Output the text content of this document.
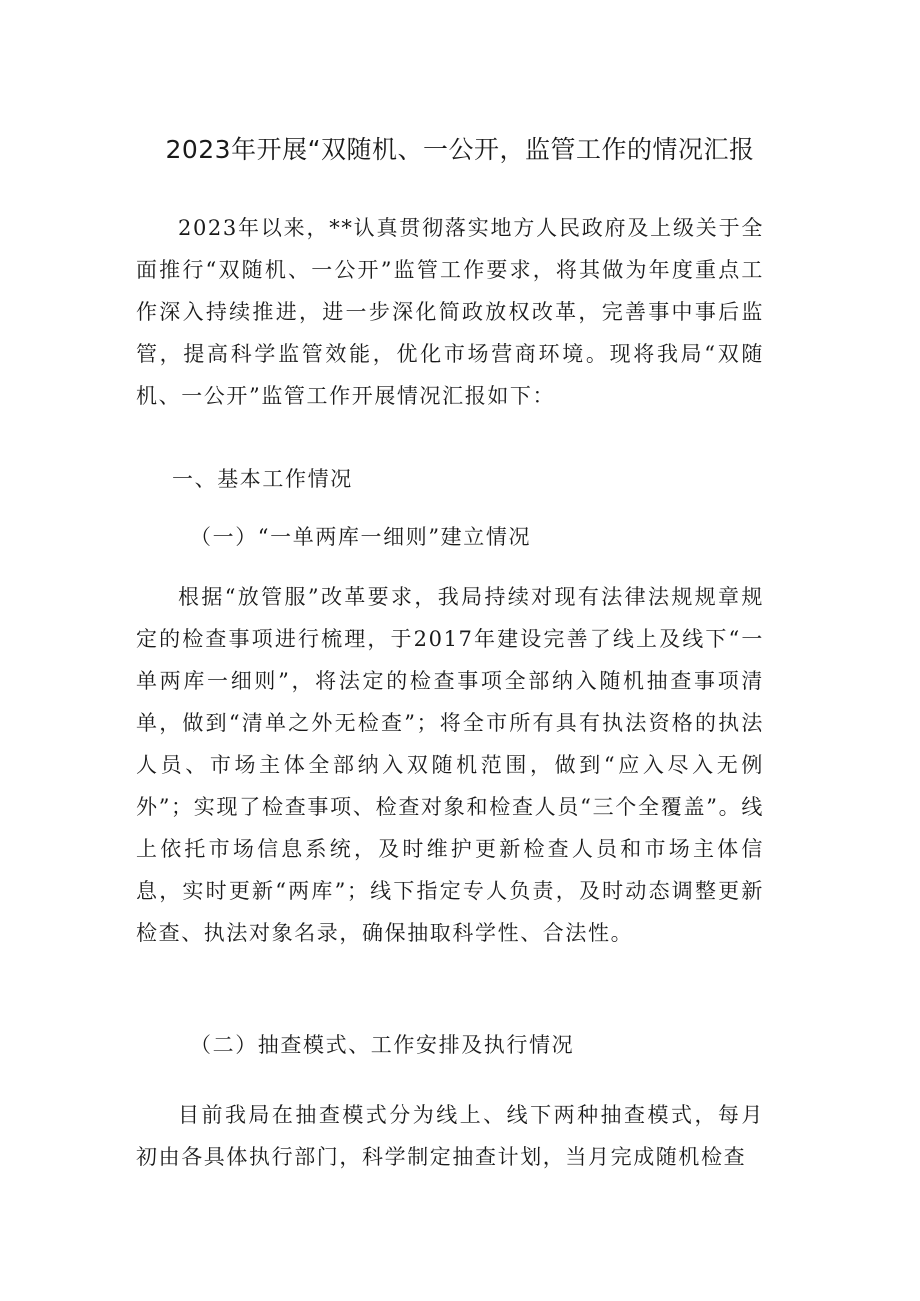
2023年开展“双随机、一公开，监管工作的情况汇报

2023年以来，**认真贯彻落实地方人民政府及上级关于全面推行“双随机、一公开”监管工作要求，将其做为年度重点工作深入持续推进，进一步深化简政放权改革，完善事中事后监管，提高科学监管效能，优化市场营商环境。现将我局“双随机、一公开”监管工作开展情况汇报如下：

一、基本工作情况

（一）“一单两库一细则”建立情况

根据“放管服”改革要求，我局持续对现有法律法规规章规定的检查事项进行梳理，于2017年建设完善了线上及线下“一单两库一细则”，将法定的检查事项全部纳入随机抽查事项清单，做到“清单之外无检查”；将全市所有具有执法资格的执法人员、市场主体全部纳入双随机范围，做到“应入尽入无例外”；实现了检查事项、检查对象和检查人员“三个全覆盖”。线上依托市场信息系统，及时维护更新检查人员和市场主体信息，实时更新“两库”；线下指定专人负责，及时动态调整更新检查、执法对象名录，确保抽取科学性、合法性。

（二）抽查模式、工作安排及执行情况

目前我局在抽查模式分为线上、线下两种抽查模式，每月初由各具体执行部门，科学制定抽查计划，当月完成随机检查
